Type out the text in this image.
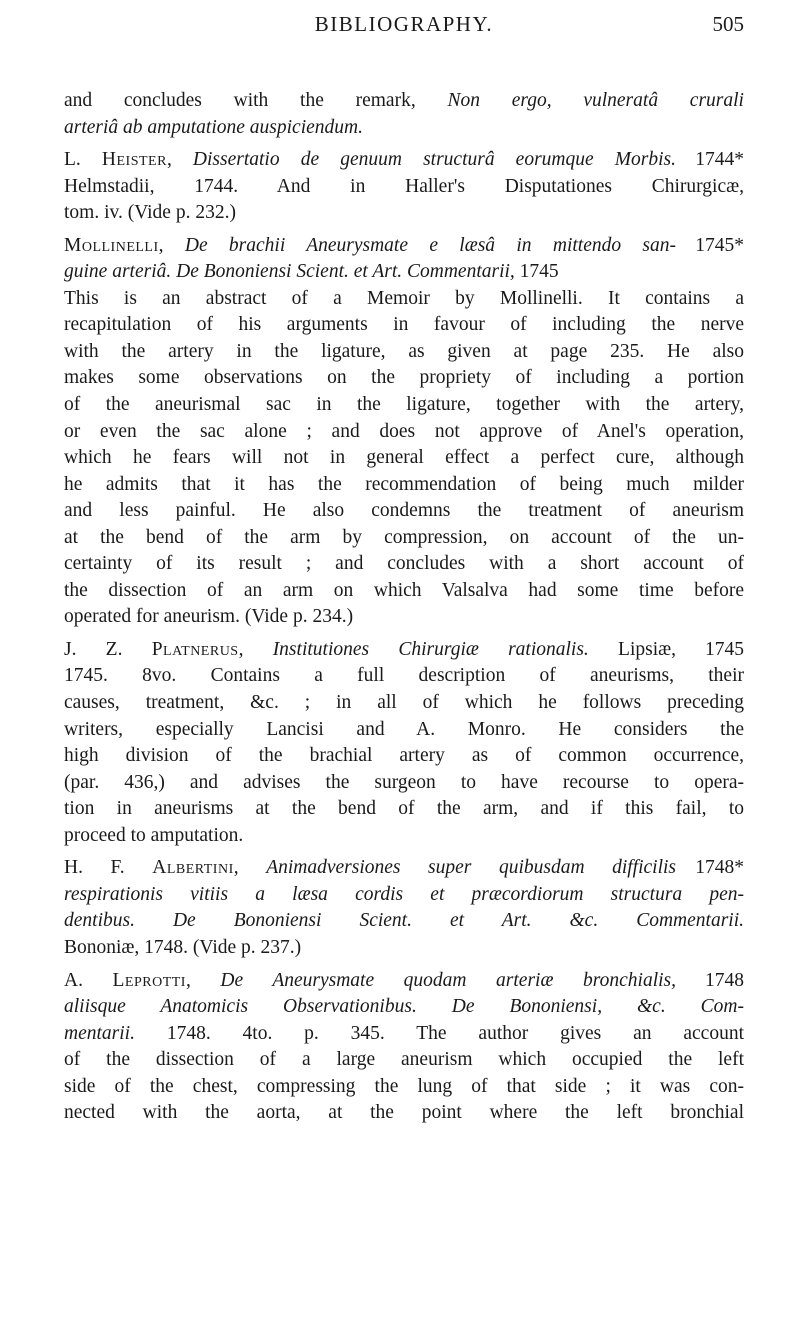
BIBLIOGRAPHY.	505
and concludes with the remark, Non ergo, vulneratâ crurali
arteriâ ab amputatione auspiciendum.
L. Heister, Dissertatio de genuum structurâ eorumque Morbis. 1744*
Helmstadii, 1744. And in Haller's Disputationes Chirurgicæ,
tom. iv. (Vide p. 232.)
Mollinelli, De brachii Aneurysmate e læsâ in mittendo san- 1745*
guine arteriâ. De Bononiensi Scient. et Art. Commentarii, 1745
This is an abstract of a Memoir by Mollinelli. It contains a
recapitulation of his arguments in favour of including the nerve
with the artery in the ligature, as given at page 235. He also
makes some observations on the propriety of including a portion
of the aneurismal sac in the ligature, together with the artery,
or even the sac alone ; and does not approve of Anel's operation,
which he fears will not in general effect a perfect cure, although
he admits that it has the recommendation of being much milder
and less painful. He also condemns the treatment of aneurism
at the bend of the arm by compression, on account of the un-
certainty of its result ; and concludes with a short account of
the dissection of an arm on which Valsalva had some time before
operated for aneurism. (Vide p. 234.)
J. Z. Platnerus, Institutiones Chirurgiæ rationalis. Lipsiæ, 1745
1745. 8vo. Contains a full description of aneurisms, their
causes, treatment, &c. ; in all of which he follows preceding
writers, especially Lancisi and A. Monro. He considers the
high division of the brachial artery as of common occurrence,
(par. 436,) and advises the surgeon to have recourse to opera-
tion in aneurisms at the bend of the arm, and if this fail, to
proceed to amputation.
H. F. Albertini, Animadversiones super quibusdam difficilis 1748*
respirationis vitiis a læsa cordis et præcordiorum structura pen-
dentibus. De Bononiensi Scient. et Art. &c. Commentarii.
Bononiæ, 1748. (Vide p. 237.)
A. Leprotti, De Aneurysmate quodam arteriæ bronchialis, 1748
aliisque Anatomicis Observationibus. De Bononiensi, &c. Com-
mentarii. 1748. 4to. p. 345. The author gives an account
of the dissection of a large aneurism which occupied the left
side of the chest, compressing the lung of that side ; it was con-
nected with the aorta, at the point where the left bronchial
